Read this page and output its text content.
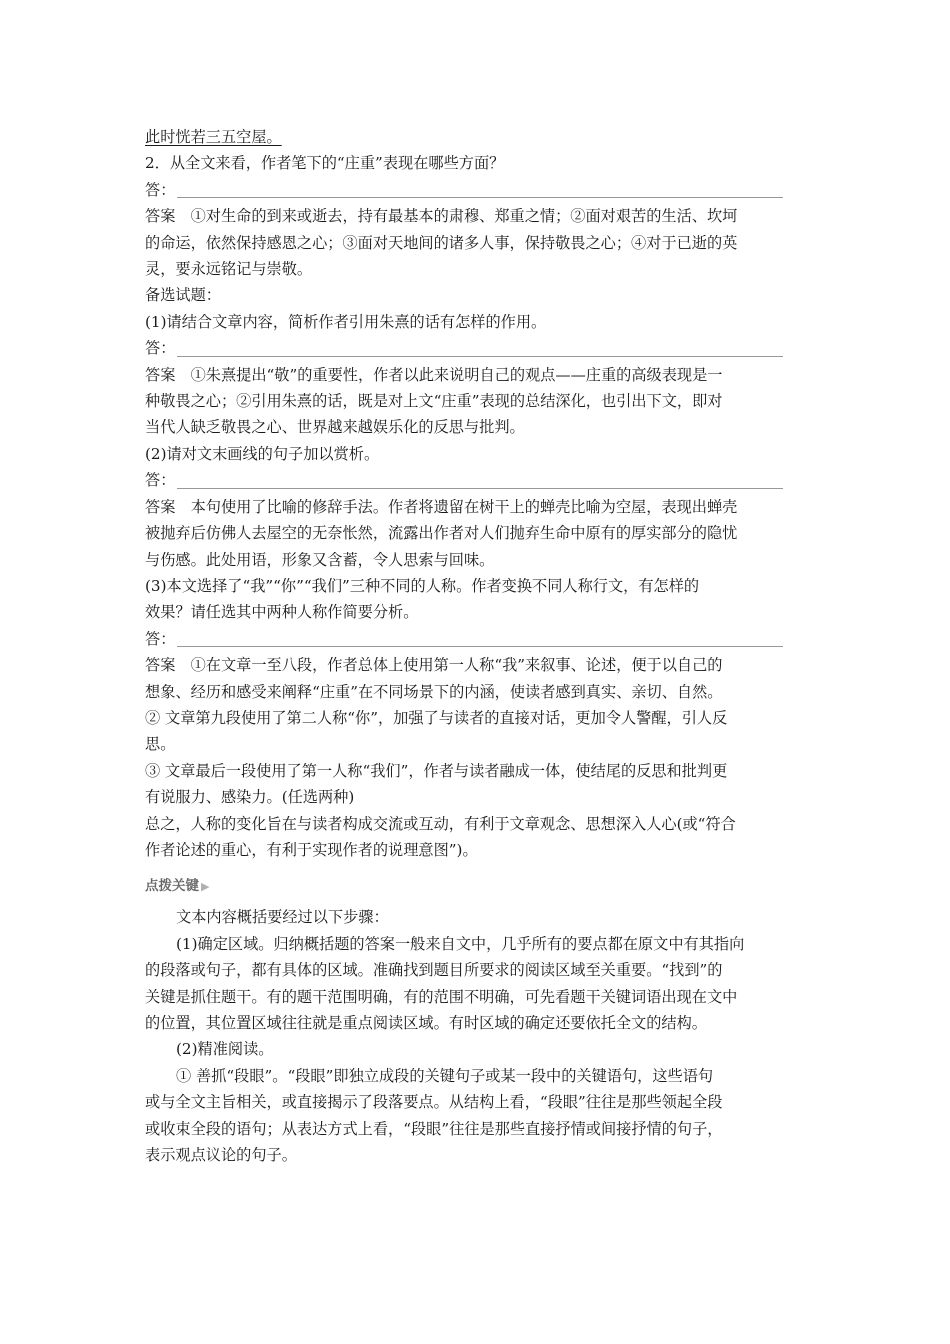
此时恍若三五空屋。

2．从全文来看，作者笔下的“庄重”表现在哪些方面？

答：

答案　①对生命的到来或逝去，持有最基本的肃穆、郑重之情；②面对艰苦的生活、坎坷

的命运，依然保持感恩之心；③面对天地间的诸多人事，保持敬畏之心；④对于已逝的英

灵，要永远铭记与崇敬。

备选试题：

(1)请结合文章内容，简析作者引用朱熹的话有怎样的作用。

答：

答案　①朱熹提出“敬”的重要性，作者以此来说明自己的观点——庄重的高级表现是一

种敬畏之心；②引用朱熹的话，既是对上文“庄重”表现的总结深化，也引出下文，即对

当代人缺乏敬畏之心、世界越来越娱乐化的反思与批判。

(2)请对文末画线的句子加以赏析。

答：

答案　本句使用了比喻的修辞手法。作者将遗留在树干上的蝉壳比喻为空屋，表现出蝉壳

被抛弃后仿佛人去屋空的无奈怅然，流露出作者对人们抛弃生命中原有的厚实部分的隐忧

与伤感。此处用语，形象又含蓄，令人思索与回味。

(3)本文选择了“我”“你”“我们”三种不同的人称。作者变换不同人称行文，有怎样的

效果？请任选其中两种人称作简要分析。

答：

答案　①在文章一至八段，作者总体上使用第一人称“我”来叙事、论述，便于以自己的

想象、经历和感受来阐释“庄重”在不同场景下的内涵，使读者感到真实、亲切、自然。

② 文章第九段使用了第二人称“你”，加强了与读者的直接对话，更加令人警醒，引人反

思。

③ 文章最后一段使用了第一人称“我们”，作者与读者融成一体，使结尾的反思和批判更

有说服力、感染力。(任选两种)

总之，人称的变化旨在与读者构成交流或互动，有利于文章观念、思想深入人心(或“符合

作者论述的重心，有利于实现作者的说理意图”)。

点拨关键 ▶

文本内容概括要经过以下步骤：

(1)确定区域。归纳概括题的答案一般来自文中，几乎所有的要点都在原文中有其指向

的段落或句子，都有具体的区域。准确找到题目所要求的阅读区域至关重要。“找到”的

关键是抓住题干。有的题干范围明确，有的范围不明确，可先看题干关键词语出现在文中

的位置，其位置区域往往就是重点阅读区域。有时区域的确定还要依托全文的结构。

(2)精准阅读。

① 善抓“段眼”。“段眼”即独立成段的关键句子或某一段中的关键语句，这些语句

或与全文主旨相关，或直接揭示了段落要点。从结构上看，“段眼”往往是那些领起全段

或收束全段的语句；从表达方式上看，“段眼”往往是那些直接抒情或间接抒情的句子，

表示观点议论的句子。
